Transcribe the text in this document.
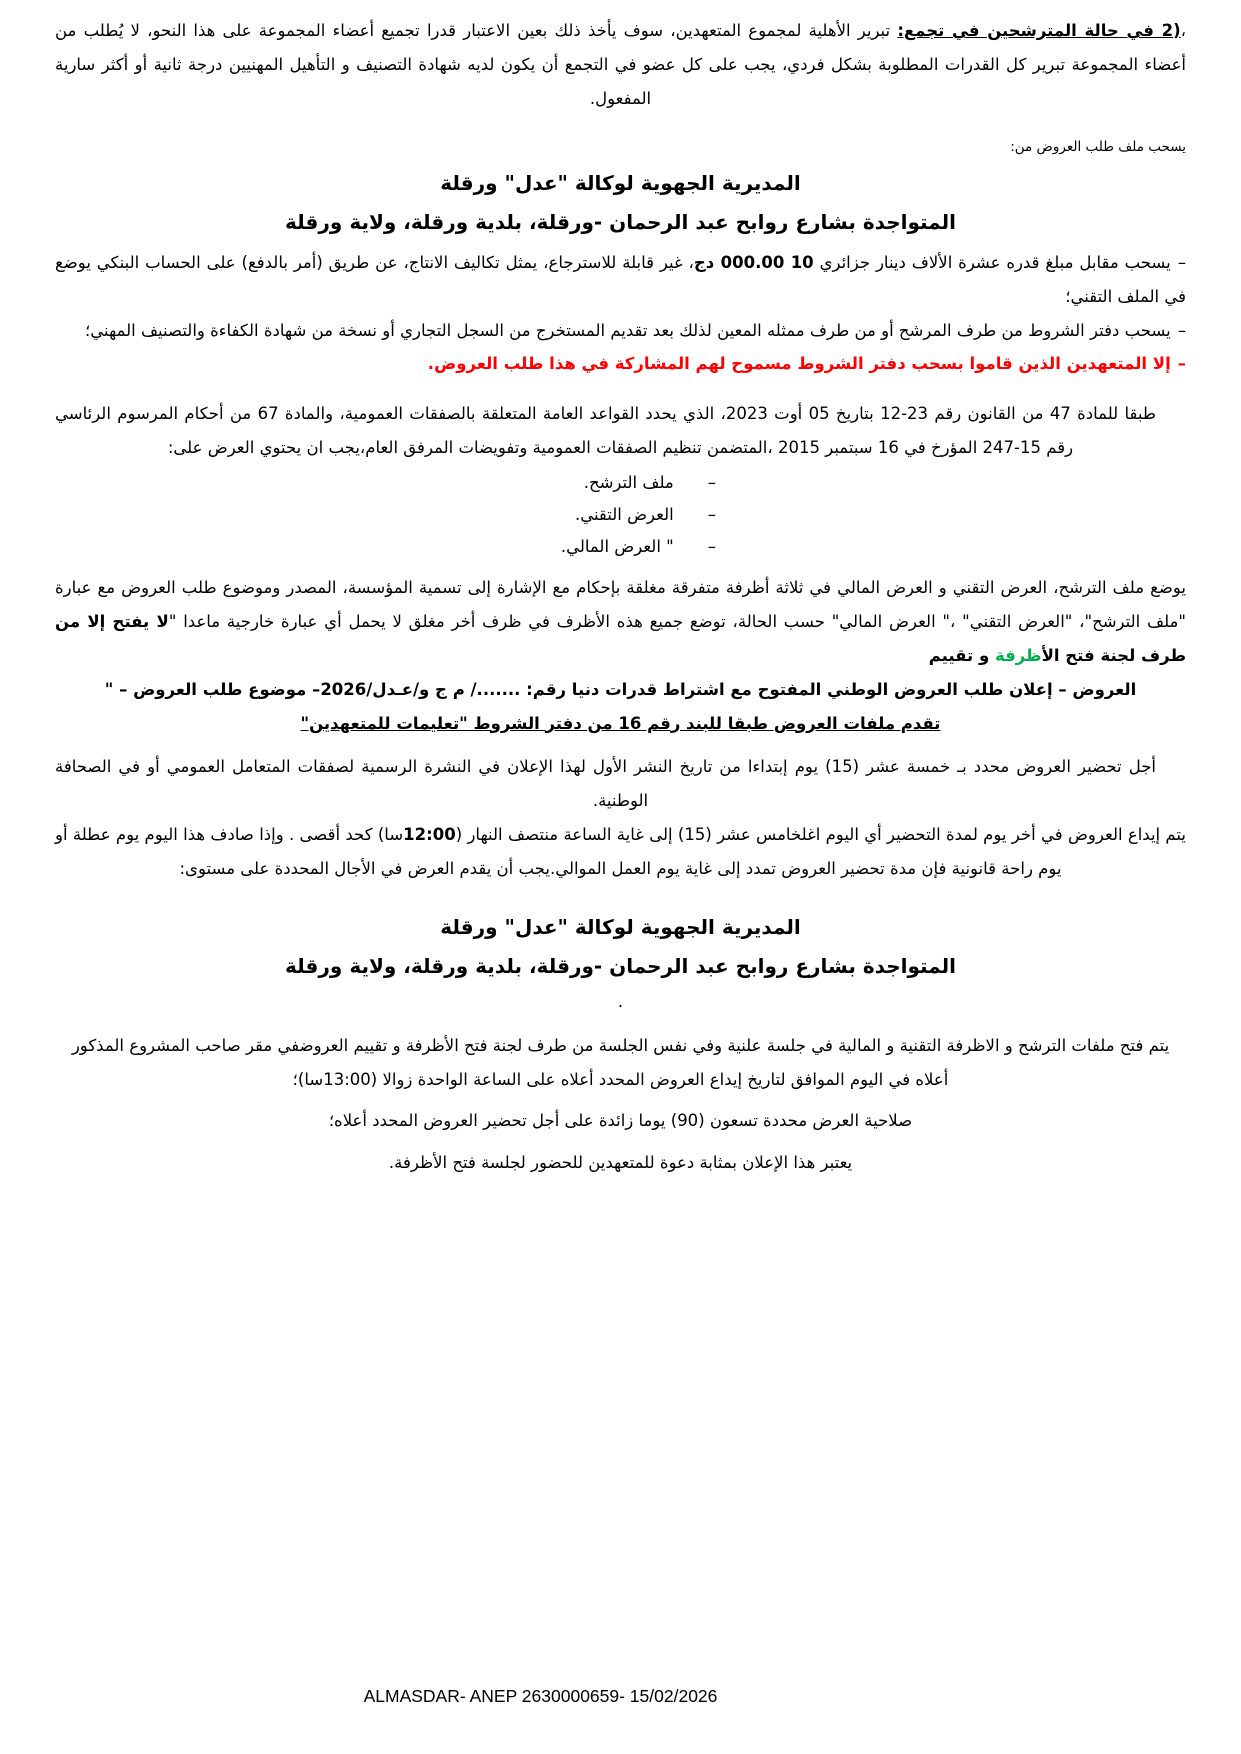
،2) في حالة المترشحين في تجمع: تبرير الأهلية لمجموع المتعهدين، سوف يأخذ ذلك بعين الاعتبار قدرا تجميع أعضاء المجموعة على هذا النحو، لا يُطلب من أعضاء المجموعة تبرير كل القدرات المطلوبة بشكل فردي، يجب على كل عضو في التجمع أن يكون لديه شهادة التصنيف و التأهيل المهنيين درجة ثانية أو أكثر سارية المفعول.

يسحب ملف طلب العروض من:

المديرية الجهوية لوكالة "عدل" ورقلة
المتواجدة بشارع روابح عبد الرحمان -ورقلة، بلدية ورقلة، ولاية ورقلة

–يسحب مقابل مبلغ قدره عشرة الألاف دينار جزائري 10 000.00 دج، غير قابلة للاسترجاع، يمثل تكاليف الانتاج، عن طريق (أمر بالدفع) على الحساب البنكي يوضع في الملف التقني؛

–يسحب دفتر الشروط من طرف المرشح أو من طرف ممثله المعين لذلك بعد تقديم المستخرج من السجل التجاري أو نسخة من شهادة الكفاءة والتصنيف المهني؛

–إلا المتعهدين الذين قاموا بسحب دفتر الشروط مسموح لهم المشاركة في هذا طلب العروض.

طبقا للمادة 47 من القانون رقم 23-12 بتاريخ 05 أوت 2023، الذي يحدد القواعد العامة المتعلقة بالصفقات العمومية، والمادة 67 من أحكام المرسوم الرئاسي رقم 15-247 المؤرخ في 16 سبتمبر 2015 ،المتضمن تنظيم الصفقات العمومية وتفويضات المرفق العام،يجب ان يحتوي العرض على:

–ملف الترشح.
–العرض التقني.
–" العرض المالي.

يوضع ملف الترشح، العرض التقني و العرض المالي في ثلاثة أظرفة متفرقة مغلقة بإحكام مع الإشارة إلى تسمية المؤسسة، المصدر وموضوع طلب العروض مع عبارة "ملف الترشح"، "العرض التقني" ،" العرض المالي" حسب الحالة، توضع جميع هذه الأظرف في ظرف أخر مغلق لا يحمل أي عبارة خارجية ماعدا "لا يفتح إلا من طرف لجنة فتح الأظرفة و تقييم

العروض – إعلان طلب العروض الوطني المفتوح مع اشتراط قدرات دنيا رقم: ......./ م ج و/عـدل/2026– موضوع طلب العروض – "

تقدم ملفات العروض طبقا للبند رقم 16 من دفتر الشروط "تعليمات للمتعهدين"

أجل تحضير العروض محدد بـ خمسة عشر (15) يوم إبتداءا من تاريخ النشر الأول لهذا الإعلان في النشرة الرسمية لصفقات المتعامل العمومي أو في الصحافة الوطنية.

يتم إيداع العروض في أخر يوم لمدة التحضير أي اليوم اغلخامس عشر (15) إلى غاية الساعة منتصف النهار (12:00سا) كحد أقصى . وإذا صادف هذا اليوم يوم عطلة أو يوم راحة قانونية فإن مدة تحضير العروض تمدد إلى غاية يوم العمل الموالي.يجب أن يقدم العرض في الأجال المحددة على مستوى:

المديرية الجهوية لوكالة "عدل" ورقلة
المتواجدة بشارع روابح عبد الرحمان -ورقلة، بلدية ورقلة، ولاية ورقلة
.

يتم فتح ملفات الترشح و الاظرفة التقنية و المالية في جلسة علنية وفي نفس الجلسة من طرف لجنة فتح الأظرفة و تقييم العروضفي مقر صاحب المشروع المذكور أعلاه في اليوم الموافق لتاريخ إيداع العروض المحدد أعلاه على الساعة الواحدة زوالا (13:00سا)؛

صلاحية العرض محددة تسعون (90) يوما زائدة على أجل تحضير العروض المحدد أعلاه؛

يعتبر هذا الإعلان بمثابة دعوة للمتعهدين للحضور لجلسة فتح الأظرفة.

ALMASDAR- ANEP 2630000659- 15/02/2026
